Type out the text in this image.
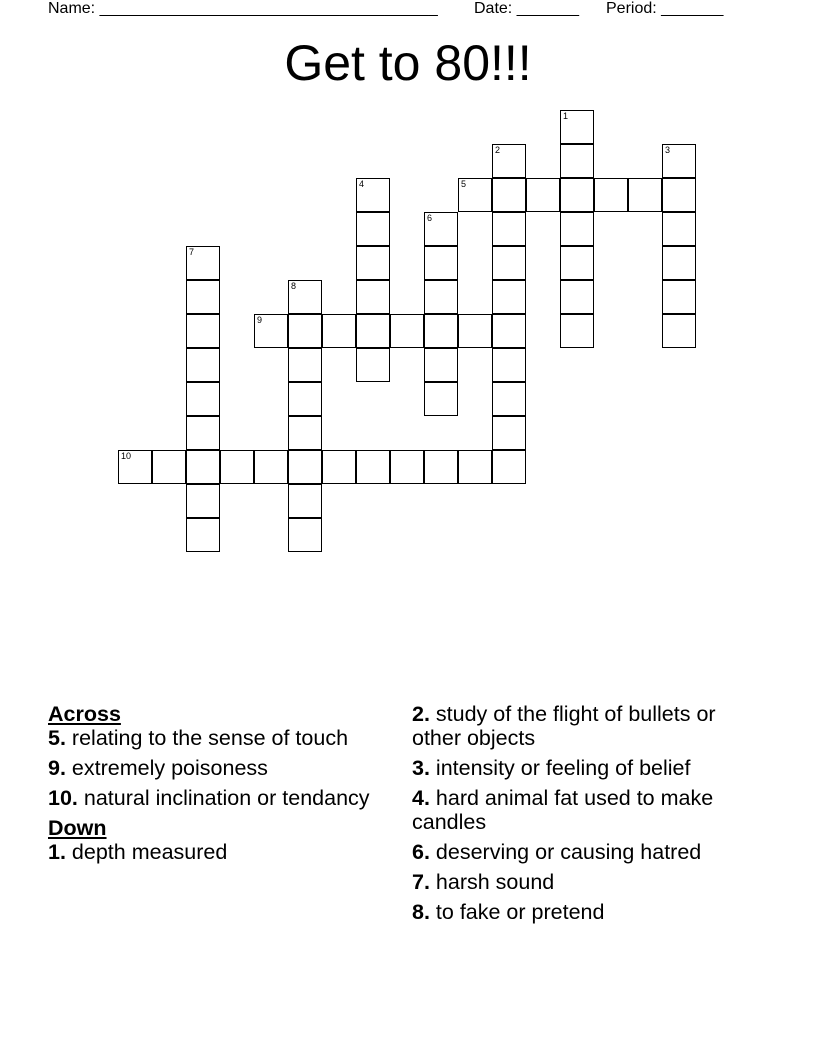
Name: ______________________________________ Date: _______ Period: _______
Get to 80!!!
5
9
10
1
2	3
4
6
7
8
Across
5. relating to the sense of touch
9. extremely poisoness
10. natural inclination or tendancy
Down
1. depth measured
2. study of the flight of bullets or other objects
3. intensity or feeling of belief
4. hard animal fat used to make candles
6. deserving or causing hatred
7. harsh sound
8. to fake or pretend
